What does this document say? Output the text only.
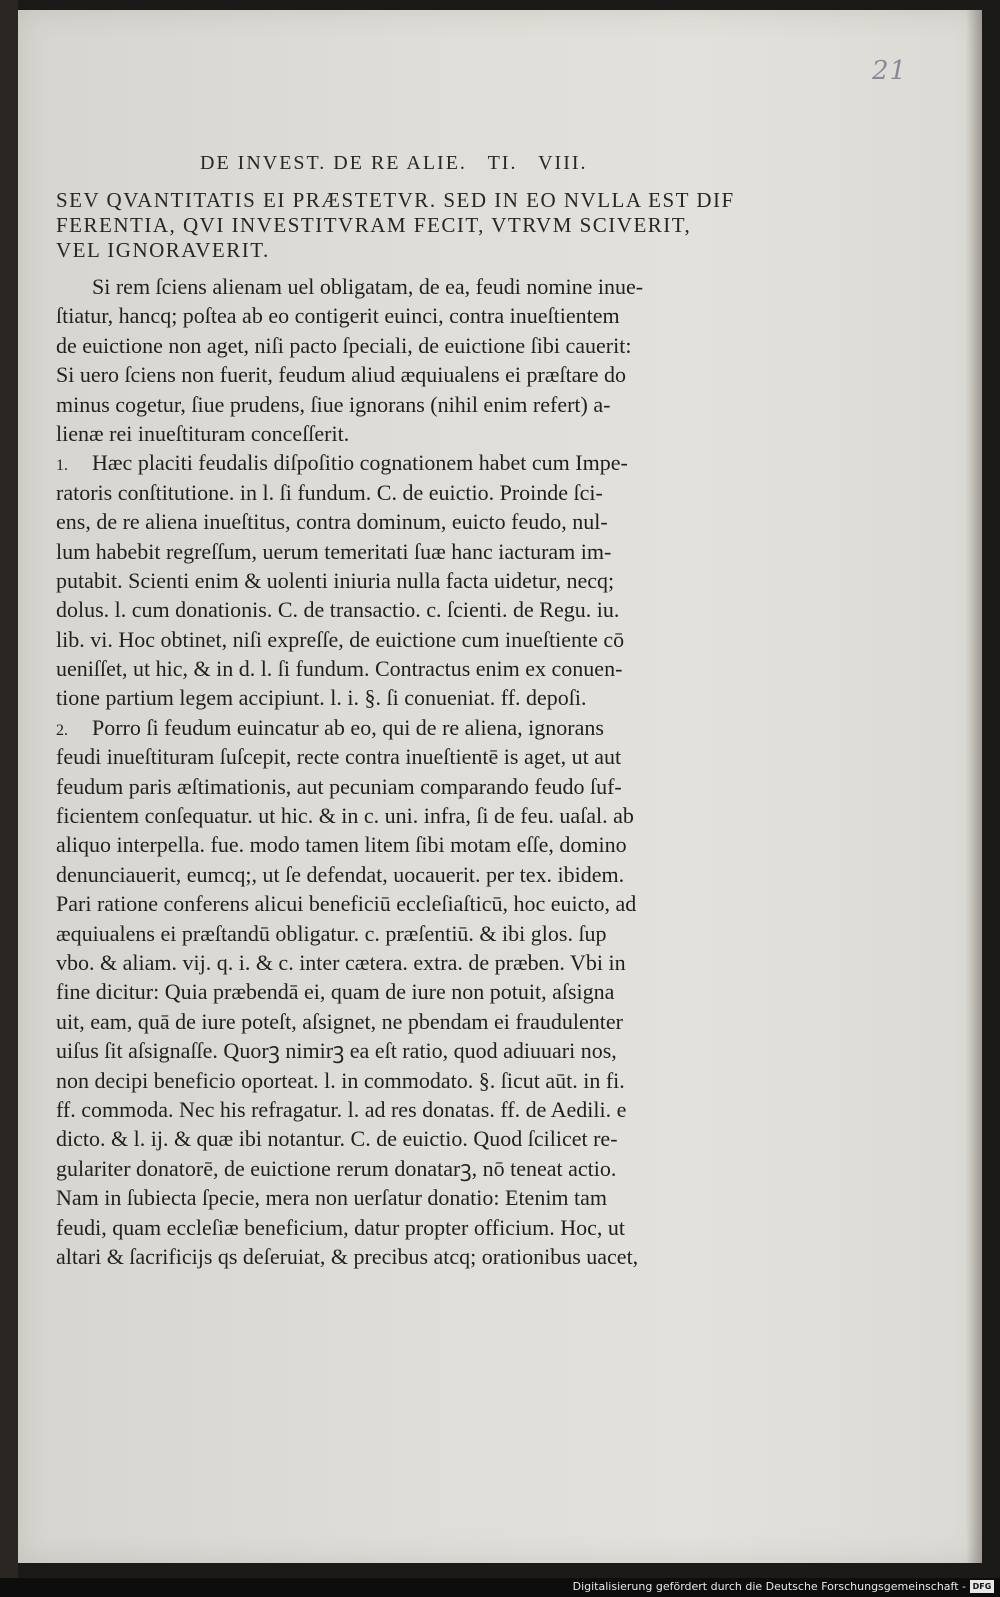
21
DE INVEST. DE RE ALIE.   TI.   VIII.
SEV QVANTITATIS EI PRÆSTETVR. SED IN EO NVLLA EST DIF
FERENTIA, QVI INVESTITVRAM FECIT, VTRVM SCIVERIT,
VEL IGNORAVERIT.
Si rem ſciens alienam uel obligatam, de ea, feudi nomine inue-
ſtiatur, hancq; poſtea ab eo contigerit euinci, contra inueſtientem
de euictione non aget, niſi pacto ſpeciali, de euictione ſibi cauerit:
Si uero ſciens non fuerit, feudum aliud æquiualens ei præſtare do
minus cogetur, ſiue prudens, ſiue ignorans (nihil enim refert) a-
lienæ rei inueſtituram conceſſerit.
1. Hæc placiti feudalis diſpoſitio cognationem habet cum Impe-
ratoris conſtitutione. in l. ſi fundum. C. de euictio. Proinde ſci-
ens, de re aliena inueſtitus, contra dominum, euicto feudo, nul-
lum habebit regreſſum, uerum temeritati ſuæ hanc iacturam im-
putabit. Scienti enim & uolenti iniuria nulla facta uidetur, necq;
dolus. l. cum donationis. C. de transactio. c. ſcienti. de Regu. iu.
lib. vi. Hoc obtinet, niſi expreſſe, de euictione cum inueſtiente cō
ueniſſet, ut hic, & in d. l. ſi fundum. Contractus enim ex conuen-
tione partium legem accipiunt. l. i. §. ſi conueniat. ff. depoſi.
2. Porro ſi feudum euincatur ab eo, qui de re aliena, ignorans
feudi inueſtituram ſuſcepit, recte contra inueſtientē is aget, ut aut
feudum paris æſtimationis, aut pecuniam comparando feudo ſuf-
ficientem conſequatur. ut hic. & in c. uni. infra, ſi de feu. uaſal. ab
aliquo interpella. fue. modo tamen litem ſibi motam eſſe, domino
denunciauerit, eumcq;, ut ſe defendat, uocauerit. per tex. ibidem.
Pari ratione conferens alicui beneficiū eccleſiaſticū, hoc euicto, ad
æquiualens ei præſtandū obligatur. c. præſentiū. & ibi glos. ſup
vbo. & aliam. vij. q. i. & c. inter cætera. extra. de præben. Vbi in
fine dicitur: Quia præbendā ei, quam de iure non potuit, aſsigna
uit, eam, quā de iure poteſt, aſsignet, ne pbendam ei fraudulenter
uiſus ſit aſsignaſſe. Quorꝫ nimirꝫ ea eſt ratio, quod adiuuari nos,
non decipi beneficio oporteat. l. in commodato. §. ſicut aūt. in fi.
ff. commoda. Nec his refragatur. l. ad res donatas. ff. de Aedili. e
dicto. & l. ij. & quæ ibi notantur. C. de euictio. Quod ſcilicet re-
gulariter donatorē, de euictione rerum donatarꝫ, nō teneat actio.
Nam in ſubiecta ſpecie, mera non uerſatur donatio: Etenim tam
feudi, quam eccleſiæ beneficium, datur propter officium. Hoc, ut
altari & ſacrificijs qs deſeruiat, & precibus atcq; orationibus uacet,
Digitalisierung gefördert durch die Deutsche Forschungsgemeinschaft - DFG
